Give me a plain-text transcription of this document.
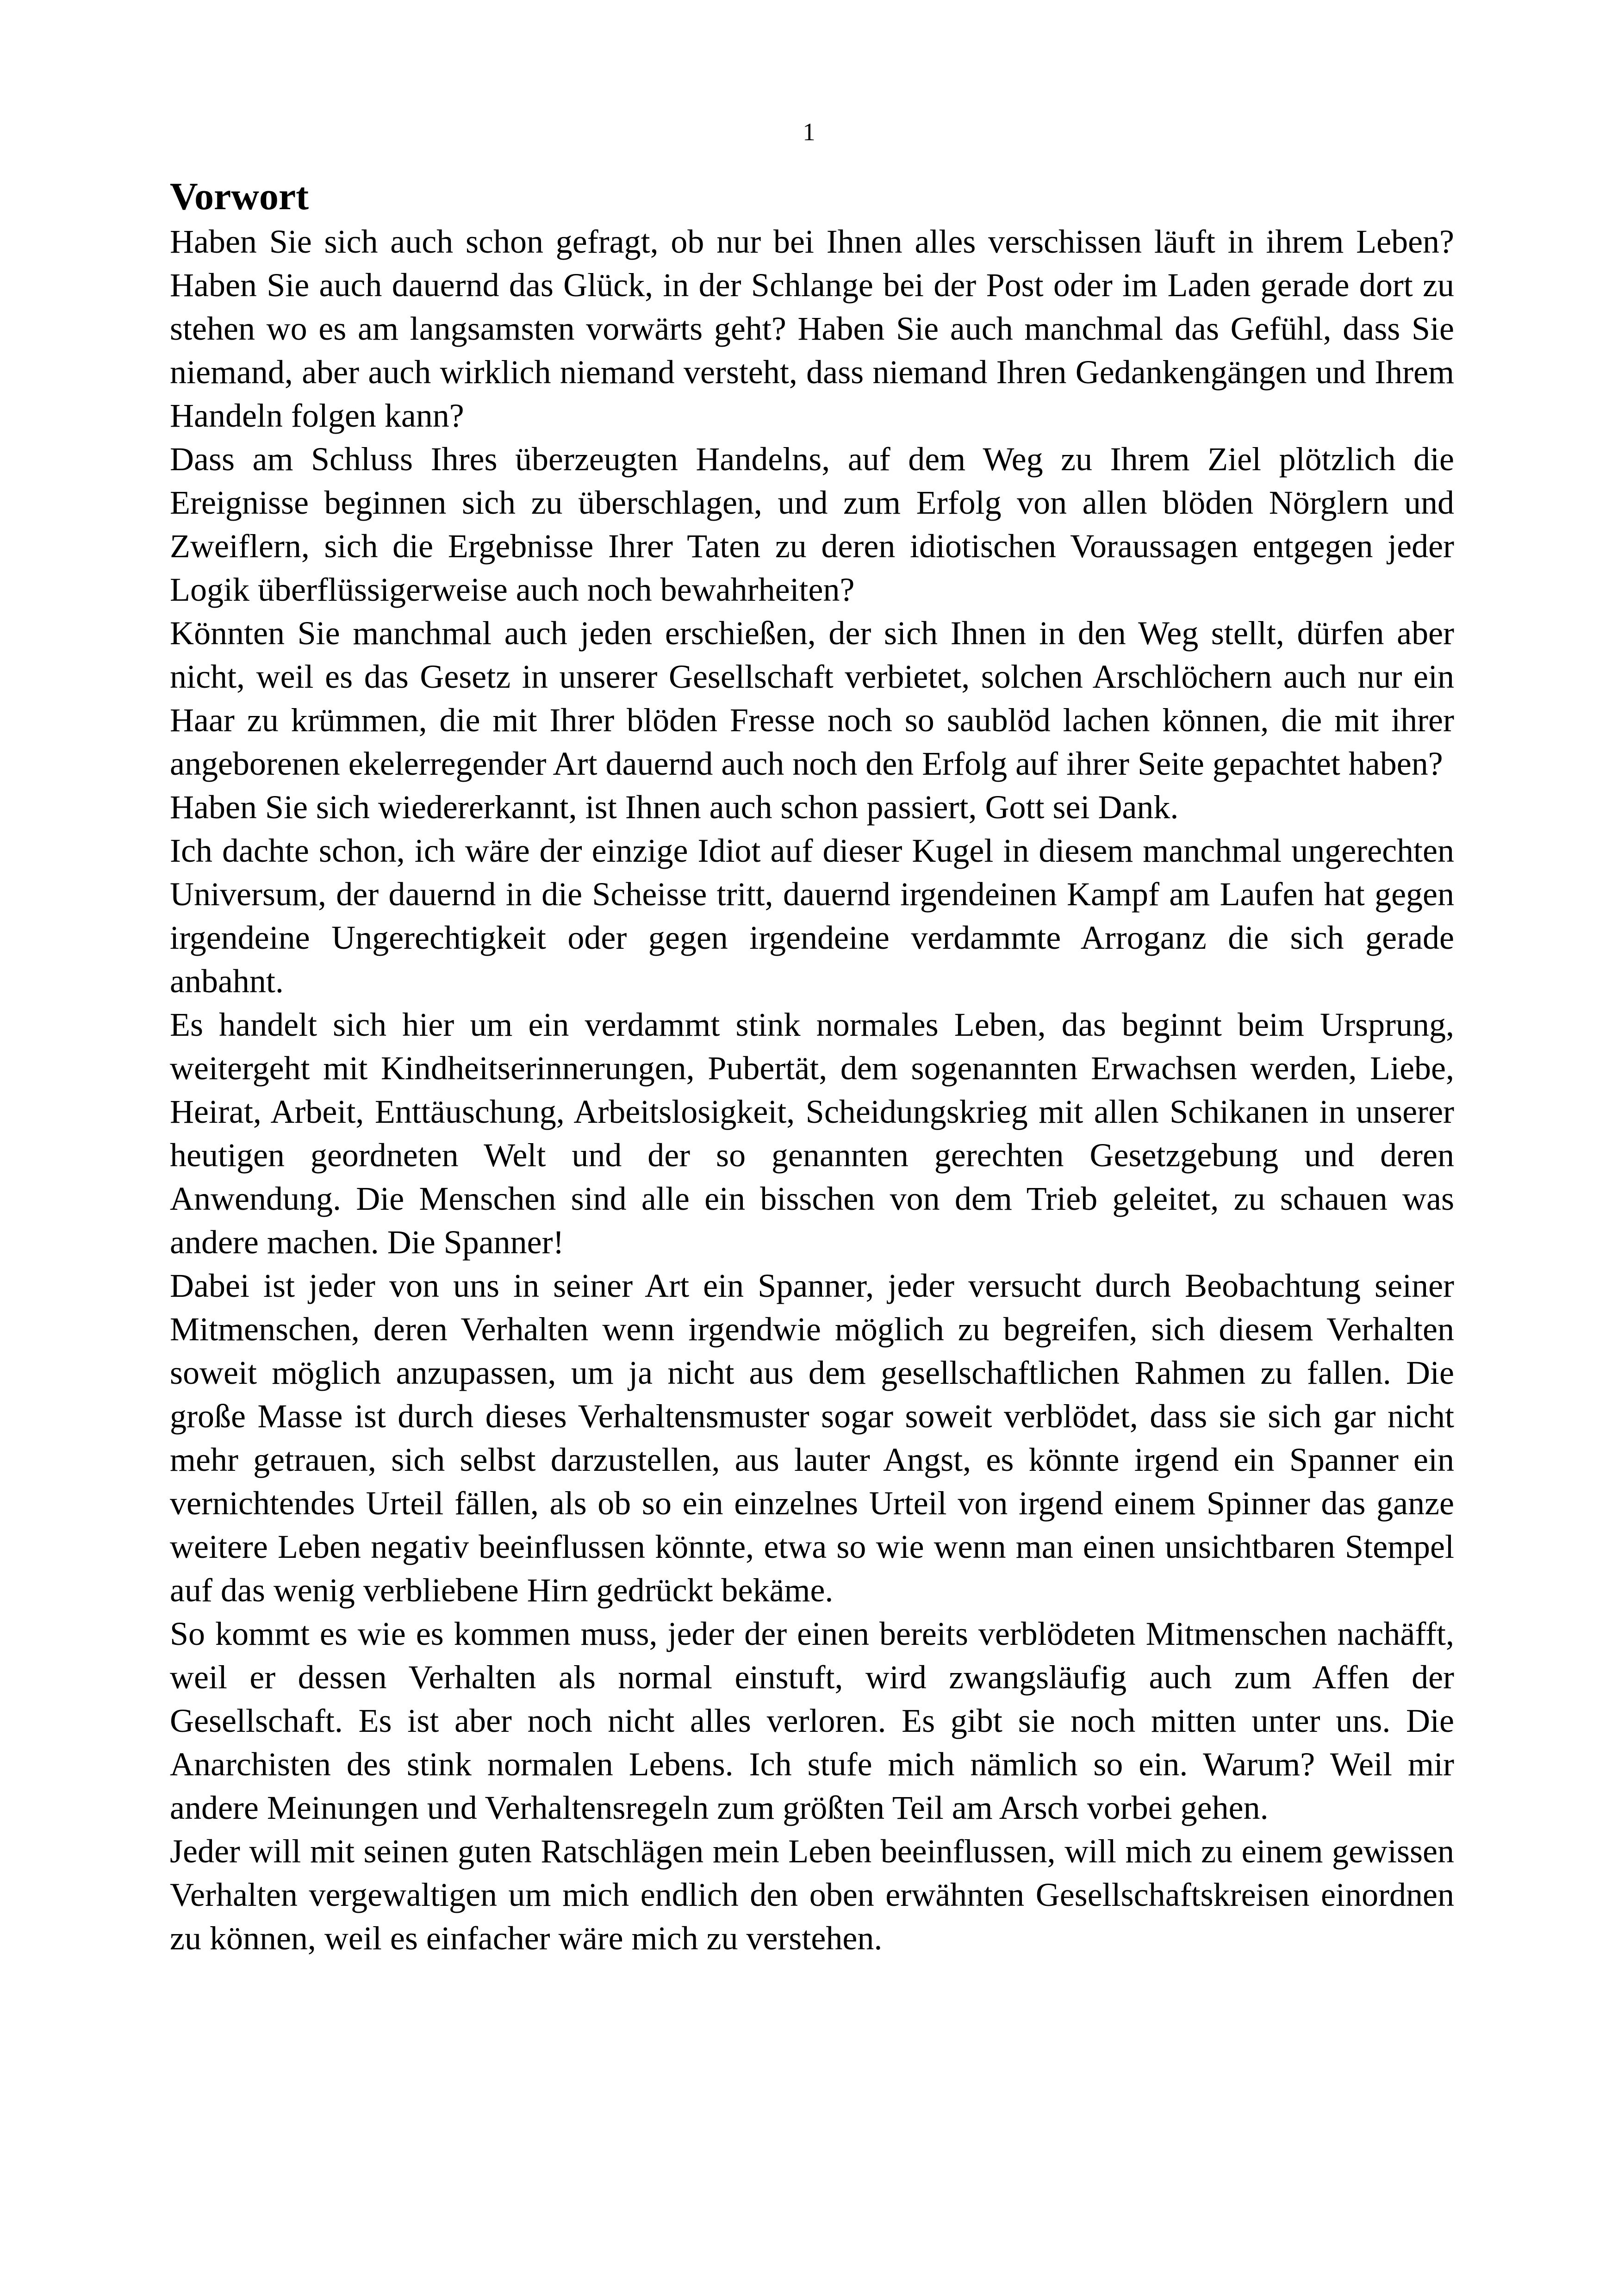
1
Vorwort

Haben Sie sich auch schon gefragt, ob nur bei Ihnen alles verschissen läuft in ihrem Leben? Haben Sie auch dauernd das Glück, in der Schlange bei der Post oder im Laden gerade dort zu stehen wo es am langsamsten vorwärts geht? Haben Sie auch manchmal das Gefühl, dass Sie niemand, aber auch wirklich niemand versteht, dass niemand Ihren Gedankengängen und Ihrem Handeln folgen kann?

Dass am Schluss Ihres überzeugten Handelns, auf dem Weg zu Ihrem Ziel plötzlich die Ereignisse beginnen sich zu überschlagen, und zum Erfolg von allen blöden Nörglern und Zweiflern, sich die Ergebnisse Ihrer Taten zu deren idiotischen Voraussagen entgegen jeder Logik überflüssigerweise auch noch bewahrheiten?

Könnten Sie manchmal auch jeden erschießen, der sich Ihnen in den Weg stellt, dürfen aber nicht, weil es das Gesetz in unserer Gesellschaft verbietet, solchen Arschlöchern auch nur ein Haar zu krümmen, die mit Ihrer blöden Fresse noch so saublöd lachen können, die mit ihrer angeborenen ekelerregender Art dauernd auch noch den Erfolg auf ihrer Seite gepachtet haben?

Haben Sie sich wiedererkannt, ist Ihnen auch schon passiert, Gott sei Dank.

Ich dachte schon, ich wäre der einzige Idiot auf dieser Kugel in diesem manchmal ungerechten Universum, der dauernd in die Scheisse tritt, dauernd irgendeinen Kampf am Laufen hat gegen irgendeine Ungerechtigkeit oder gegen irgendeine verdammte Arroganz die sich gerade anbahnt.

Es handelt sich hier um ein verdammt stink normales Leben, das beginnt beim Ursprung, weitergeht mit Kindheitserinnerungen, Pubertät, dem sogenannten Erwachsen werden, Liebe, Heirat, Arbeit, Enttäuschung, Arbeitslosigkeit, Scheidungskrieg mit allen Schikanen in unserer heutigen geordneten Welt und der so genannten gerechten Gesetzgebung und deren Anwendung. Die Menschen sind alle ein bisschen von dem Trieb geleitet, zu schauen was andere machen. Die Spanner!

Dabei ist jeder von uns in seiner Art ein Spanner, jeder versucht durch Beobachtung seiner Mitmenschen, deren Verhalten wenn irgendwie möglich zu begreifen, sich diesem Verhalten soweit möglich anzupassen, um ja nicht aus dem gesellschaftlichen Rahmen zu fallen. Die große Masse ist durch dieses Verhaltensmuster sogar soweit verblödet, dass sie sich gar nicht mehr getrauen, sich selbst darzustellen, aus lauter Angst, es könnte irgend ein Spanner ein vernichtendes Urteil fällen, als ob so ein einzelnes Urteil von irgend einem Spinner das ganze weitere Leben negativ beeinflussen könnte, etwa so wie wenn man einen unsichtbaren Stempel auf das wenig verbliebene Hirn gedrückt bekäme.

So kommt es wie es kommen muss, jeder der einen bereits verblödeten Mitmenschen nachäfft, weil er dessen Verhalten als normal einstuft, wird zwangsläufig auch zum Affen der Gesellschaft. Es ist aber noch nicht alles verloren. Es gibt sie noch mitten unter uns. Die Anarchisten des stink normalen Lebens. Ich stufe mich nämlich so ein. Warum? Weil mir andere Meinungen und Verhaltensregeln zum größten Teil am Arsch vorbei gehen.

Jeder will mit seinen guten Ratschlägen mein Leben beeinflussen, will mich zu einem gewissen Verhalten vergewaltigen um mich endlich den oben erwähnten Gesellschaftskreisen einordnen zu können, weil es einfacher wäre mich zu verstehen.
